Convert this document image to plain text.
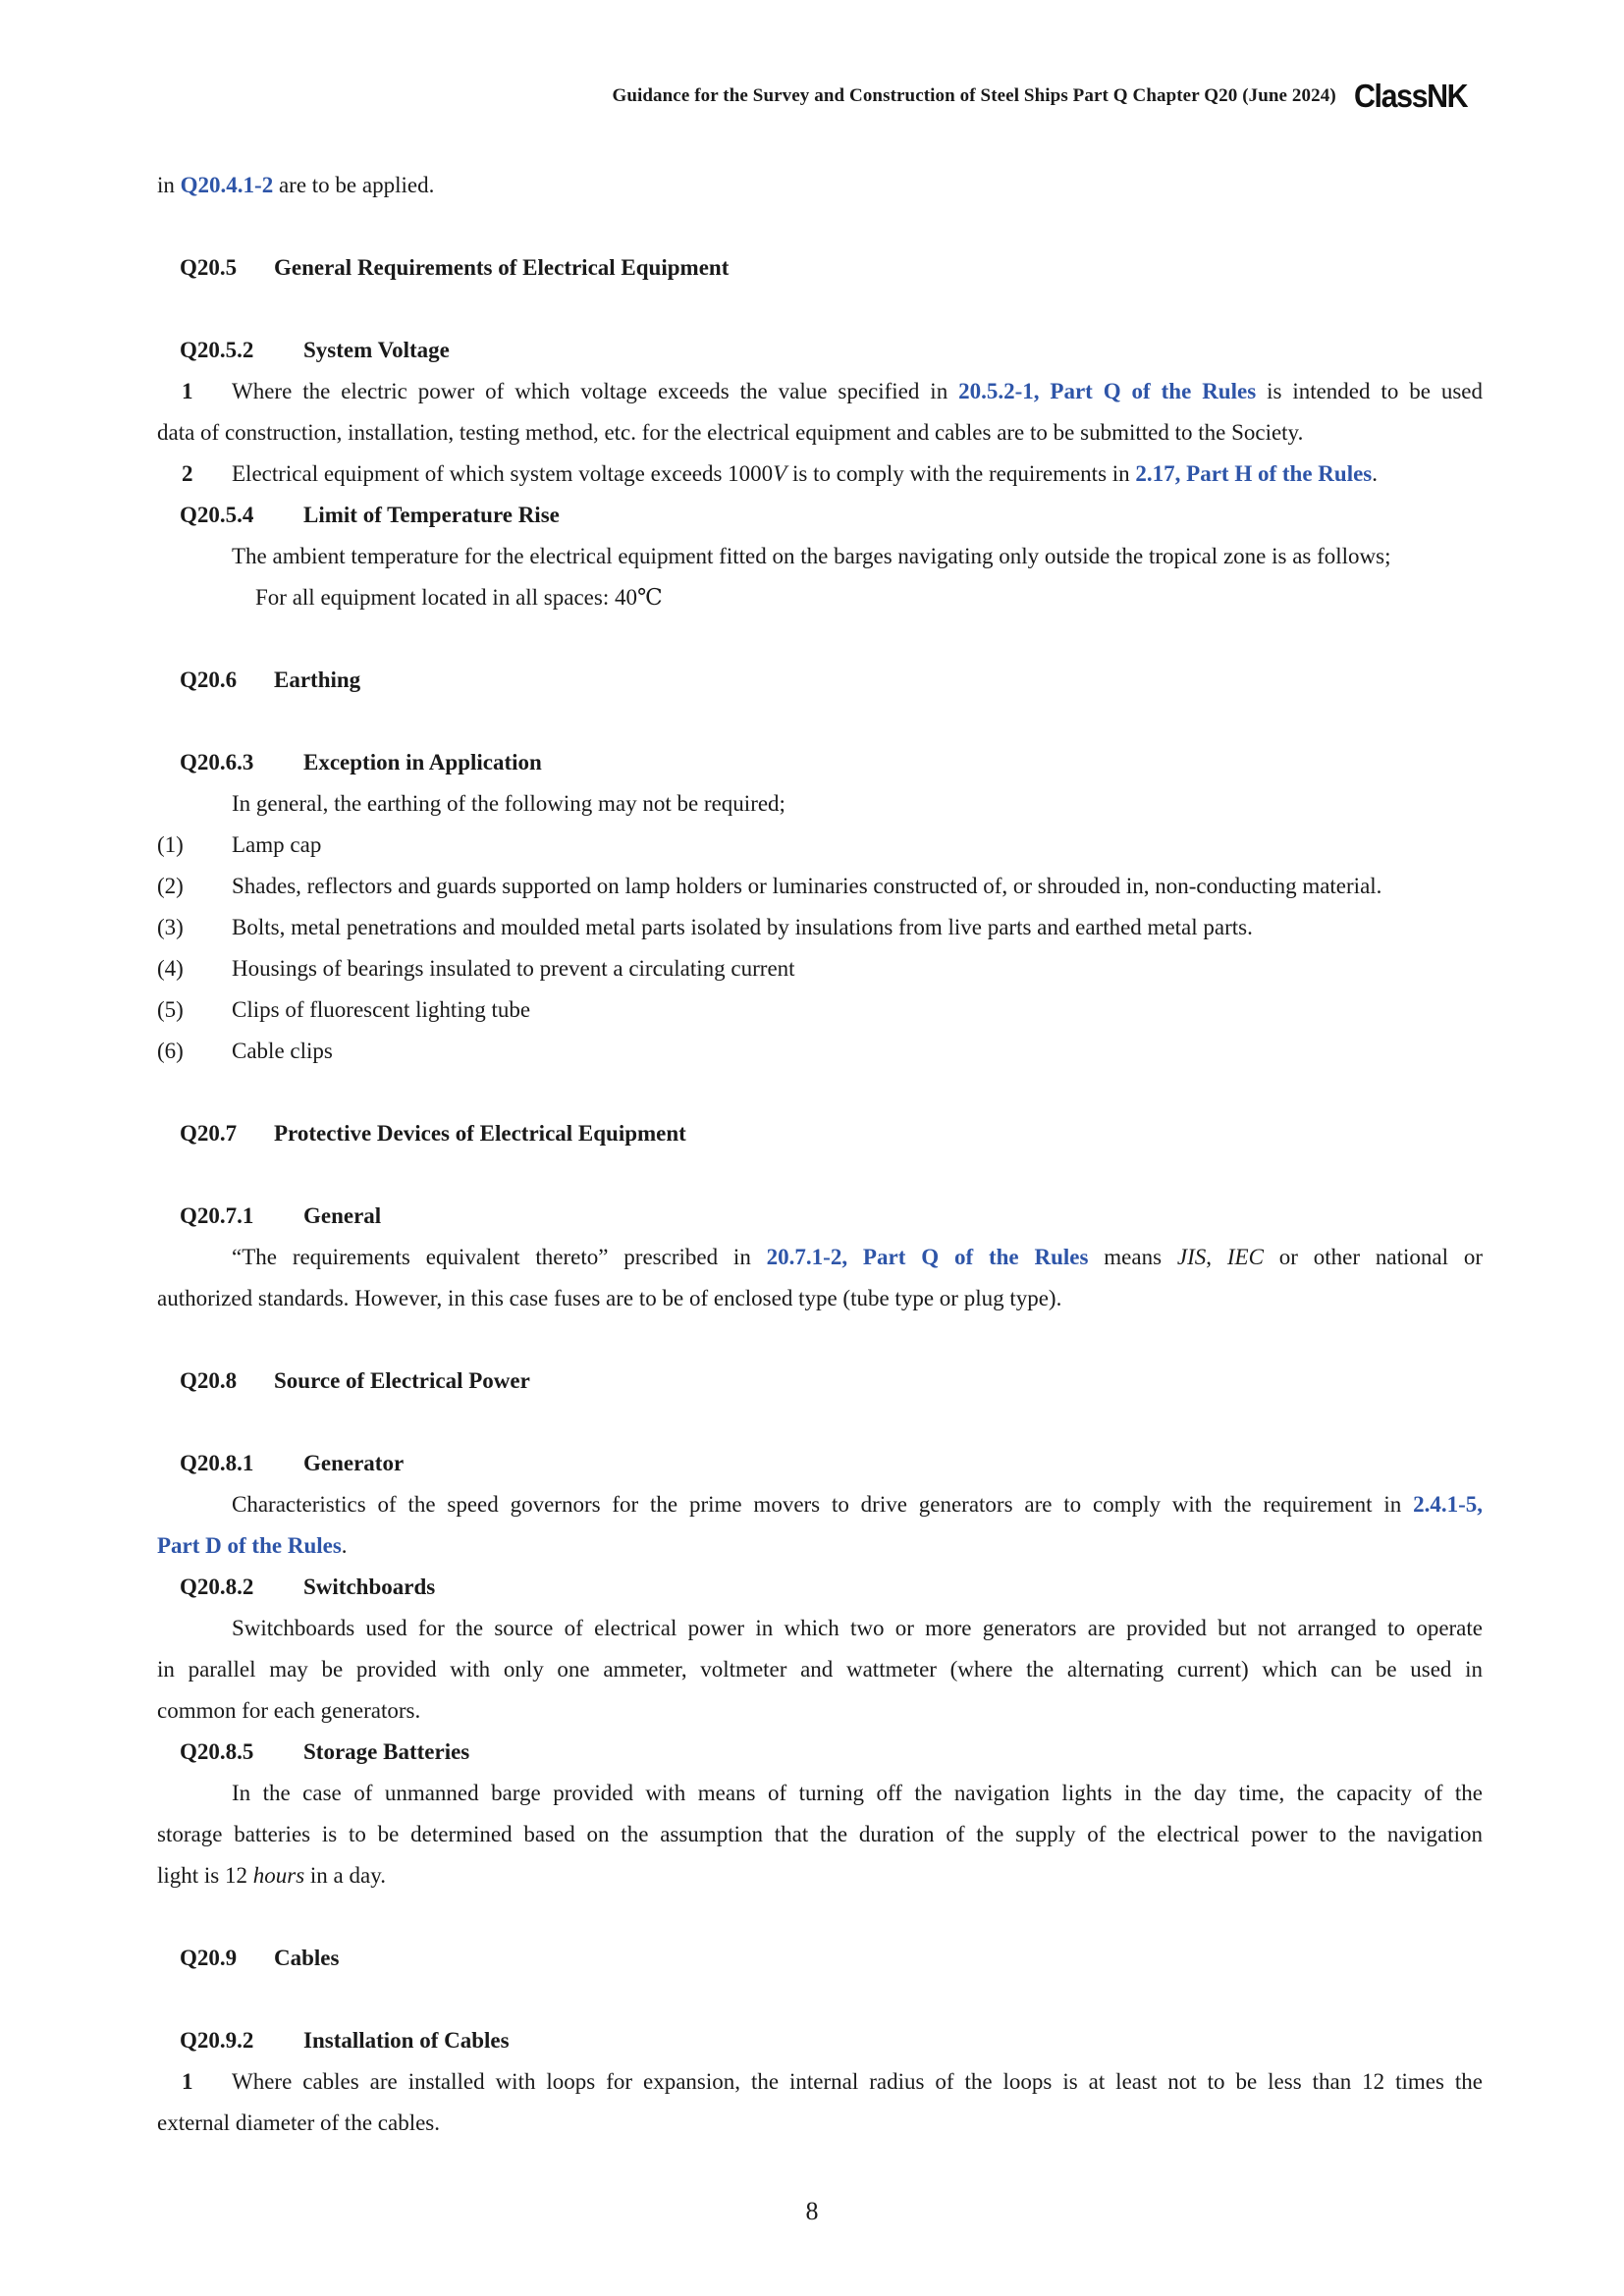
Guidance for the Survey and Construction of Steel Ships Part Q Chapter Q20 (June 2024) ClassNK
in Q20.4.1-2 are to be applied.
Q20.5 General Requirements of Electrical Equipment
Q20.5.2 System Voltage
1 Where the electric power of which voltage exceeds the value specified in 20.5.2-1, Part Q of the Rules is intended to be used
data of construction, installation, testing method, etc. for the electrical equipment and cables are to be submitted to the Society.
2 Electrical equipment of which system voltage exceeds 1000V is to comply with the requirements in 2.17, Part H of the Rules.
Q20.5.4 Limit of Temperature Rise
The ambient temperature for the electrical equipment fitted on the barges navigating only outside the tropical zone is as follows;
For all equipment located in all spaces: 40℃
Q20.6 Earthing
Q20.6.3 Exception in Application
In general, the earthing of the following may not be required;
(1)	Lamp cap
(2)	Shades, reflectors and guards supported on lamp holders or luminaries constructed of, or shrouded in, non-conducting material.
(3)	Bolts, metal penetrations and moulded metal parts isolated by insulations from live parts and earthed metal parts.
(4)	Housings of bearings insulated to prevent a circulating current
(5)	Clips of fluorescent lighting tube
(6)	Cable clips
Q20.7 Protective Devices of Electrical Equipment
Q20.7.1 General
“The requirements equivalent thereto” prescribed in 20.7.1-2, Part Q of the Rules means JIS, IEC or other national or
authorized standards. However, in this case fuses are to be of enclosed type (tube type or plug type).
Q20.8 Source of Electrical Power
Q20.8.1 Generator
Characteristics of the speed governors for the prime movers to drive generators are to comply with the requirement in 2.4.1-5,
Part D of the Rules.
Q20.8.2 Switchboards
Switchboards used for the source of electrical power in which two or more generators are provided but not arranged to operate
in parallel may be provided with only one ammeter, voltmeter and wattmeter (where the alternating current) which can be used in
common for each generators.
Q20.8.5 Storage Batteries
In the case of unmanned barge provided with means of turning off the navigation lights in the day time, the capacity of the
storage batteries is to be determined based on the assumption that the duration of the supply of the electrical power to the navigation
light is 12 hours in a day.
Q20.9 Cables
Q20.9.2 Installation of Cables
1 Where cables are installed with loops for expansion, the internal radius of the loops is at least not to be less than 12 times the
external diameter of the cables.
8
